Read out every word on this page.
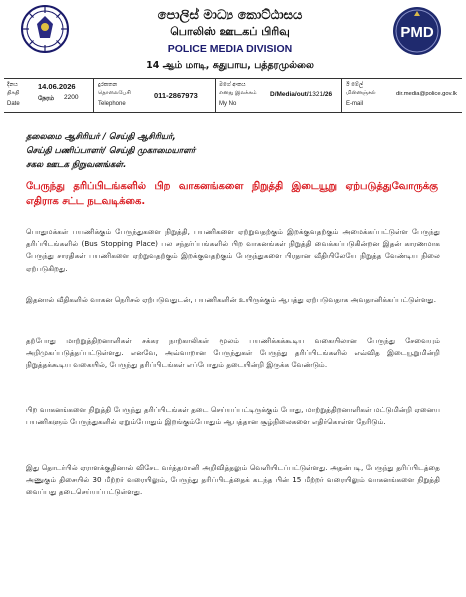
පොලිස් මාධ්‍ය කොට්ඨාසය
பொலிஸ் ஊடகப் பிரிவு
POLICE MEDIA DIVISION
14 ஆம் மாடி, சுதுபாய, பத்தரமுல்லை
PMD
දිනය
திகதி
Date
14.06.2026
நேரம் 2200
දුරකතන
தொலைபேசி
Telephone
011-2867973
මගේ අංකය
எனது இலக்கம்
My No
D/Media/out/1321/26
ඊ මේල්
மின்னஞ்சல்
E-mail
dir.media@police.gov.lk
தலைமை ஆசிரியர் / செய்தி ஆசிரியர்,
செய்தி பணிப்பாளர்/ செய்தி முகாமையாளர்
சகல ஊடக நிறுவனங்கள்.
பேருந்து தரிப்பிடங்களில் பிற வாகனங்களை நிறுத்தி இடையூறு ஏற்படுத்துவோருக்கு எதிராக சட்ட நடவடிக்கை.
பொதுமக்கள் பயணிக்கும் பேருந்துகளை நிறுத்தி, பயணிகளை ஏற்றுவதற்கும் இறக்குவதற்கும் அமைக்கப்பட்டுள்ள பேருந்து தரிப்பிடங்களில் (Bus Stopping Place) பல சந்தர்ப்பங்களில் பிற வாகனங்கள் நிறுத்தி வைக்கப்படுகின்றன இதன் காரணமாக பேருந்து சாரதிகள் பயணிகளை ஏற்றுவதற்கும் இறக்குவதற்கும் பேருந்துகளை பிரதான வீதியிலேயே நிறுத்த வேண்டிய நிலை ஏற்படுகிறது.
இதனால் வீதிகளில் வாகன நெரிசல் ஏற்படுவதுடன், பயணிகளின் உயிருக்கும் ஆபத்து ஏற்படுவதாக அவதானிக்கப்பட்டுள்ளது.
தற்போது மாற்றுத்திறனாளிகள் சக்கர நாற்காலிகள் மூலம் பயணிக்கக்கூடிய வகையிலான பேருந்து சேவையும் அறிமுகப்படுத்தப்பட்டுள்ளது. எனவே, அவ்வாறான பேருந்துகள் பேருந்து தரிப்பிடங்களில் எவ்வித இடையூறுமின்றி நிறுத்தக்கூடிய வகையில், பேருந்து தரிப்பிடங்கள் எப்போதும் தடையின்றி இருக்க வேண்டும்.
பிற வாகனங்களை நிறுத்தி பேருந்து தரிப்பிடங்கள் தடை செய்யப்பட்டிருக்கும் போது, மாற்றுத்திறனாளிகள் மட்டுமின்றி ஏனைய பயணிகளும் பேருந்துகளில் ஏறும்போதும் இறங்கும்போதும் ஆபத்தான சூழ்நிலைகளை எதிர்கொள்ள நேரிடும்.
இது தொடர்பில் ஏராளக்குதினால் விசேட வர்த்தமானி அறிவித்தலும் வெளியிடப்பட்டுள்ளது. அதன்படி, பேருந்து தரிப்பிடத்தை அணுகும் திசையில் 30 மீற்றர் வரையிலும், பேருந்து தரிப்பிடத்தைக் கடந்த பின் 15 மீற்றர் வரையிலும் வாகனங்களை நிறுத்தி வைப்பது தடைசெய்யப்பட்டுள்ளது.
